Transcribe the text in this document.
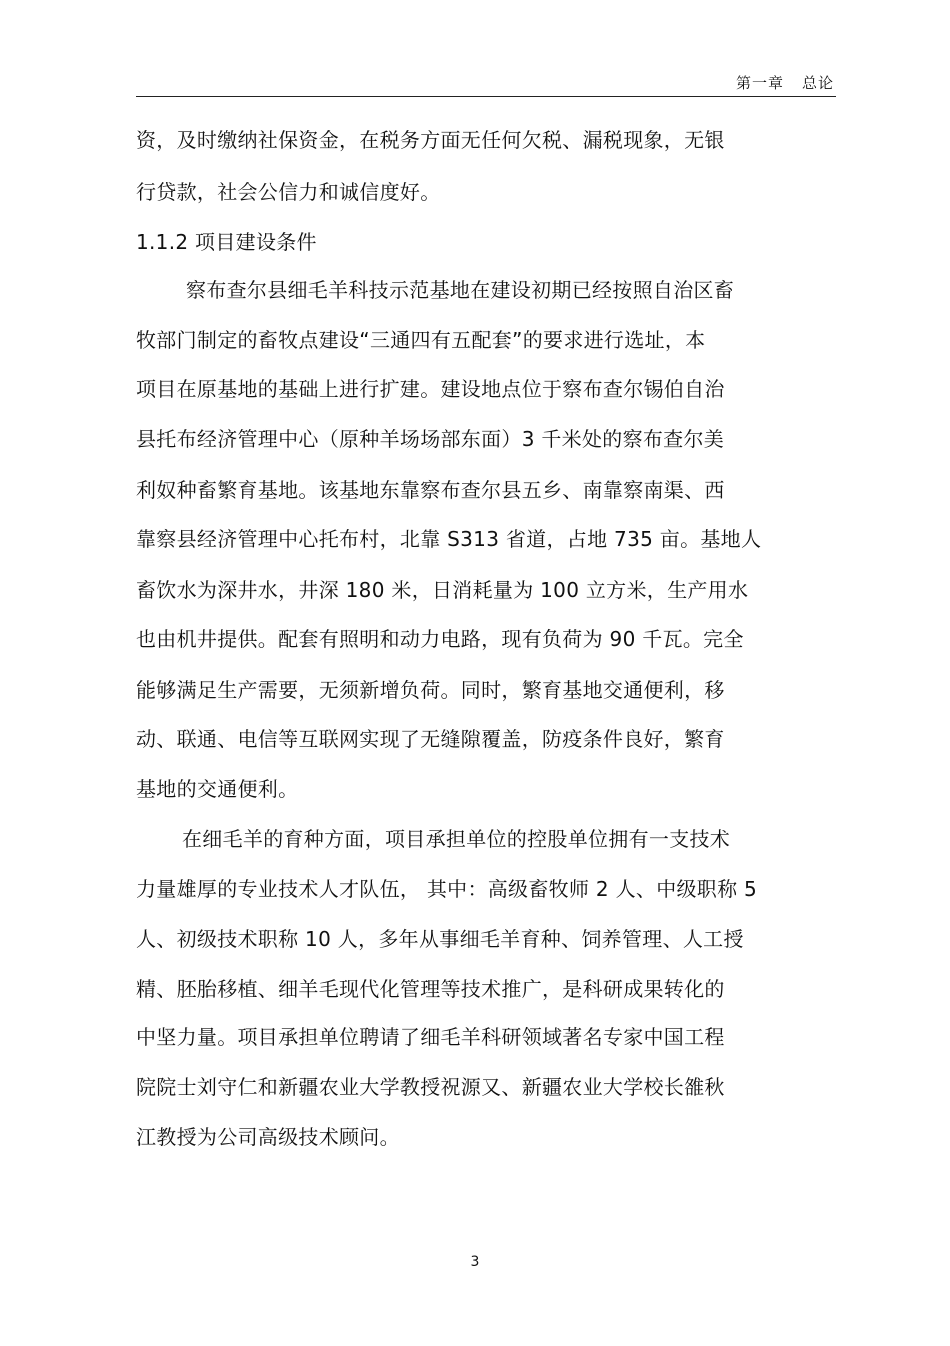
第一章 总论
资，及时缴纳社保资金，在税务方面无任何欠税、漏税现象，无银
行贷款，社会公信力和诚信度好。
1.1.2 项目建设条件
察布查尔县细毛羊科技示范基地在建设初期已经按照自治区畜
牧部门制定的畜牧点建设“三通四有五配套”的要求进行选址，本
项目在原基地的基础上进行扩建。建设地点位于察布查尔锡伯自治
县托布经济管理中心（原种羊场场部东面）3 千米处的察布查尔美
利奴种畜繁育基地。该基地东靠察布查尔县五乡、南靠察南渠、西
靠察县经济管理中心托布村，北靠 S313 省道，占地 735 亩。基地人
畜饮水为深井水，井深 180 米，日消耗量为 100 立方米，生产用水
也由机井提供。配套有照明和动力电路，现有负荷为 90 千瓦。完全
能够满足生产需要，无须新增负荷。同时，繁育基地交通便利，移
动、联通、电信等互联网实现了无缝隙覆盖，防疫条件良好，繁育
基地的交通便利。
在细毛羊的育种方面，项目承担单位的控股单位拥有一支技术
力量雄厚的专业技术人才队伍， 其中：高级畜牧师 2 人、中级职称 5
人、初级技术职称 10 人，多年从事细毛羊育种、饲养管理、人工授
精、胚胎移植、细羊毛现代化管理等技术推广，是科研成果转化的
中坚力量。项目承担单位聘请了细毛羊科研领域著名专家中国工程
院院士刘守仁和新疆农业大学教授祝源又、新疆农业大学校长雒秋
江教授为公司高级技术顾问。
3
